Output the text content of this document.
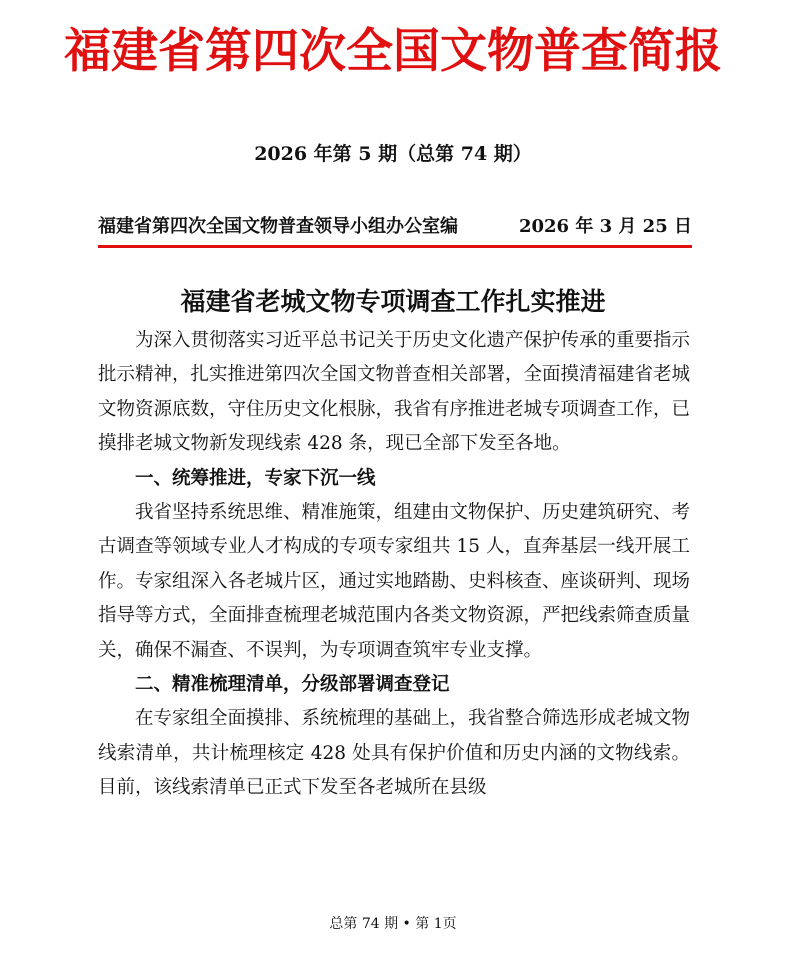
福建省第四次全国文物普查简报
2026 年第 5 期（总第 74 期）
福建省第四次全国文物普查领导小组办公室编	2026 年 3 月 25 日
福建省老城文物专项调查工作扎实推进

为深入贯彻落实习近平总书记关于历史文化遗产保护传承的重要指示批示精神，扎实推进第四次全国文物普查相关部署，全面摸清福建省老城文物资源底数，守住历史文化根脉，我省有序推进老城专项调查工作，已摸排老城文物新发现线索 428 条，现已全部下发至各地。

一、统筹推进，专家下沉一线

我省坚持系统思维、精准施策，组建由文物保护、历史建筑研究、考古调查等领域专业人才构成的专项专家组共 15 人，直奔基层一线开展工作。专家组深入各老城片区，通过实地踏勘、史料核查、座谈研判、现场指导等方式，全面排查梳理老城范围内各类文物资源，严把线索筛查质量关，确保不漏查、不误判，为专项调查筑牢专业支撑。

二、精准梳理清单，分级部署调查登记

在专家组全面摸排、系统梳理的基础上，我省整合筛选形成老城文物线索清单，共计梳理核定 428 处具有保护价值和历史内涵的文物线索。目前，该线索清单已正式下发至各老城所在县级

总第 74 期 • 第 1页
